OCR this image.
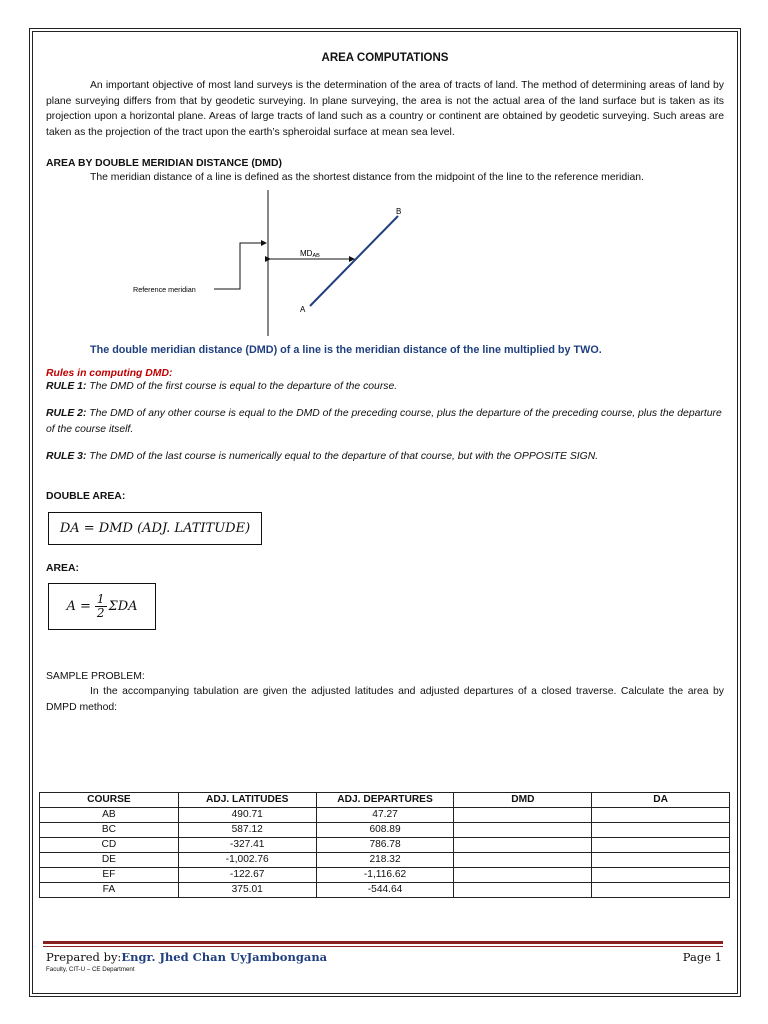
AREA COMPUTATIONS

An important objective of most land surveys is the determination of the area of tracts of land. The method of determining areas of land by plane surveying differs from that by geodetic surveying. In plane surveying, the area is not the actual area of the land surface but is taken as its projection upon a horizontal plane. Areas of large tracts of land such as a country or continent are obtained by geodetic surveying. Such areas are taken as the projection of the tract upon the earth’s spheroidal surface at mean sea level.

AREA BY DOUBLE MERIDIAN DISTANCE (DMD)

The meridian distance of a line is defined as the shortest distance from the midpoint of the line to the reference meridian.

B
A
MDAB
Reference meridian
The double meridian distance (DMD) of a line is the meridian distance of the line multiplied by TWO.
Rules in computing DMD:
RULE 1: The DMD of the first course is equal to the departure of the course.
RULE 2: The DMD of any other course is equal to the DMD of the preceding course, plus the departure of the preceding course, plus the departure of the course itself.
RULE 3: The DMD of the last course is numerically equal to the departure of that course, but with the OPPOSITE SIGN.
DOUBLE AREA:
DA = DMD (ADJ. LATITUDE)
AREA:
$A = \frac{1}{2}$ ΣDA

SAMPLE PROBLEM:

In the accompanying tabulation are given the adjusted latitudes and adjusted departures of a closed traverse. Calculate the area by DMPD method:

COURSE	ADJ. LATITUDES	ADJ. DEPARTURES	DMD	DA
AB	490.71	47.27		
BC	587.12	608.89		
CD	-327.41	786.78		
DE	-1,002.76	218.32		
EF	-122.67	-1,116.62		
FA	375.01	-544.64		
Prepared by:Engr. Jhed Chan UyJambongana
Faculty, CIT-U – CE Department
Page 1
